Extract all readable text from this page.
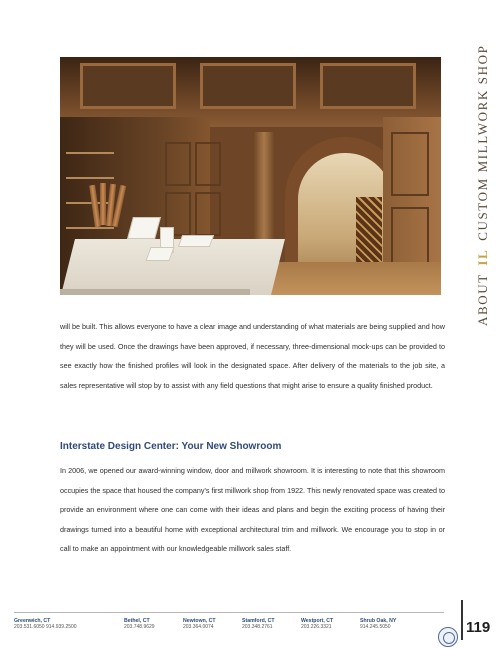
ABOUT IL CUSTOM MILLWORK SHOP

will be built. This allows everyone to have a clear image and understanding of what materials are being supplied and how they will be used. Once the drawings have been approved, if necessary, three-dimensional mock-ups can be provided to see exactly how the finished profiles will look in the designated space. After delivery of the materials to the job site, a sales representative will stop by to assist with any field questions that might arise to ensure a quality finished product.

Interstate Design Center: Your New Showroom

In 2006, we opened our award-winning window, door and millwork showroom. It is interesting to note that this showroom occupies the space that housed the company's first millwork shop from 1922. This newly renovated space was created to provide an environment where one can come with their ideas and plans and begin the exciting process of having their drawings turned into a beautiful home with exceptional architectural trim and millwork. We encourage you to stop in or call to make an appointment with our knowledgeable millwork sales staff.

Greenwich, CT
203.531.6050 914.939.2500
Bethel, CT
203.748.9629
Newtown, CT
203.364.0074
Stamford, CT
203.348.2761
Westport, CT
203.226.3321
Shrub Oak, NY
914.245.5050	119
